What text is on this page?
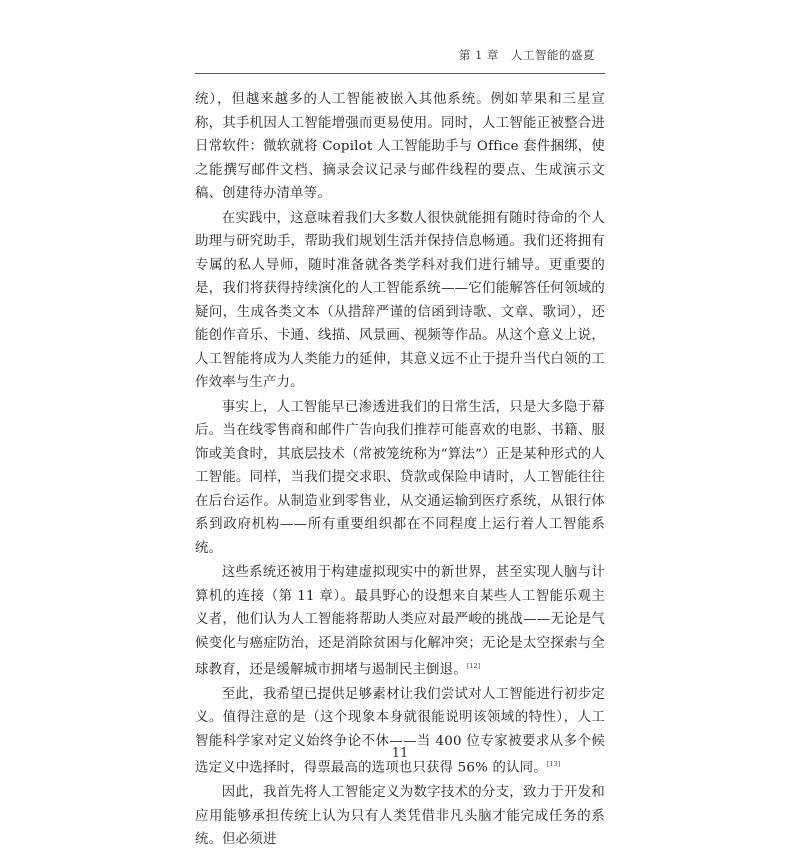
第 1 章　人工智能的盛夏

统），但越来越多的人工智能被嵌入其他系统。例如苹果和三星宣称，其手机因人工智能增强而更易使用。同时，人工智能正被整合进日常软件：微软就将 Copilot 人工智能助手与 Office 套件捆绑，使之能撰写邮件文档、摘录会议记录与邮件线程的要点、生成演示文稿、创建待办清单等。

在实践中，这意味着我们大多数人很快就能拥有随时待命的个人助理与研究助手，帮助我们规划生活并保持信息畅通。我们还将拥有专属的私人导师，随时准备就各类学科对我们进行辅导。更重要的是，我们将获得持续演化的人工智能系统——它们能解答任何领域的疑问，生成各类文本（从措辞严谨的信函到诗歌、文章、歌词），还能创作音乐、卡通、线描、风景画、视频等作品。从这个意义上说，人工智能将成为人类能力的延伸，其意义远不止于提升当代白领的工作效率与生产力。

事实上，人工智能早已渗透进我们的日常生活，只是大多隐于幕后。当在线零售商和邮件广告向我们推荐可能喜欢的电影、书籍、服饰或美食时，其底层技术（常被笼统称为“算法”）正是某种形式的人工智能。同样，当我们提交求职、贷款或保险申请时，人工智能往往在后台运作。从制造业到零售业，从交通运输到医疗系统，从银行体系到政府机构——所有重要组织都在不同程度上运行着人工智能系统。

这些系统还被用于构建虚拟现实中的新世界，甚至实现人脑与计算机的连接（第 11 章）。最具野心的设想来自某些人工智能乐观主义者，他们认为人工智能将帮助人类应对最严峻的挑战——无论是气候变化与癌症防治，还是消除贫困与化解冲突；无论是太空探索与全球教育，还是缓解城市拥堵与遏制民主倒退。[12]

至此，我希望已提供足够素材让我们尝试对人工智能进行初步定义。值得注意的是（这个现象本身就很能说明该领域的特性），人工智能科学家对定义始终争论不休——当 400 位专家被要求从多个候选定义中选择时，得票最高的选项也只获得 56% 的认同。[13]

因此，我首先将人工智能定义为数字技术的分支，致力于开发和应用能够承担传统上认为只有人类凭借非凡头脑才能完成任务的系统。但必须进

11
